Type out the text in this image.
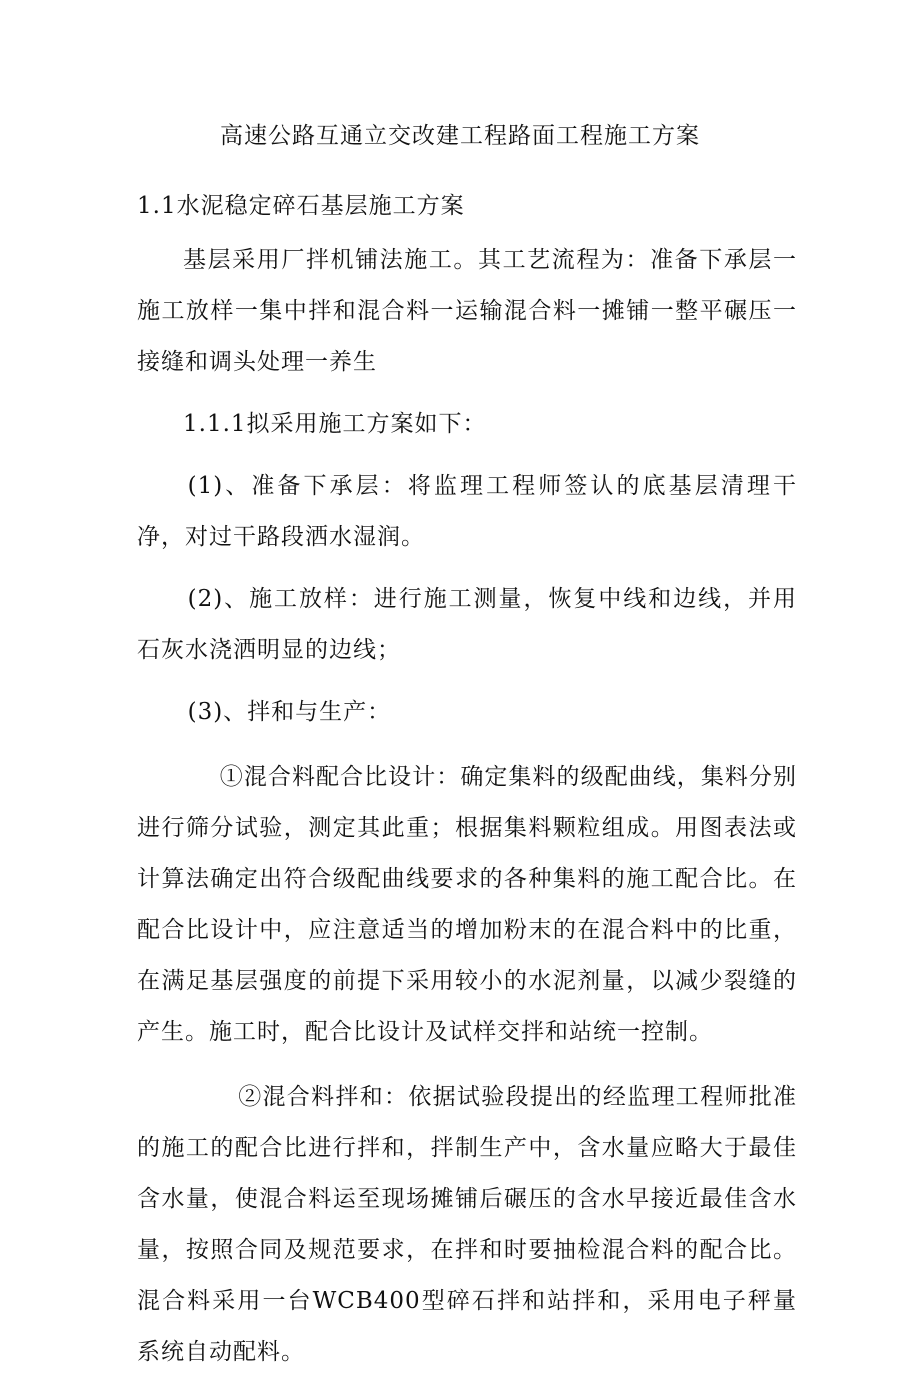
高速公路互通立交改建工程路面工程施工方案
1.1水泥稳定碎石基层施工方案

基层采用厂拌机铺法施工。其工艺流程为：准备下承层一施工放样一集中拌和混合料一运输混合料一摊铺一整平碾压一接缝和调头处理一养生

1.1.1拟采用施工方案如下：

(1)、准备下承层：将监理工程师签认的底基层清理干净，对过干路段洒水湿润。

(2)、施工放样：进行施工测量，恢复中线和边线，并用石灰水浇洒明显的边线；

(3)、拌和与生产：

①混合料配合比设计：确定集料的级配曲线，集料分别进行筛分试验，测定其此重；根据集料颗粒组成。用图表法或计算法确定出符合级配曲线要求的各种集料的施工配合比。在配合比设计中，应注意适当的增加粉末的在混合料中的比重，在满足基层强度的前提下采用较小的水泥剂量，以减少裂缝的产生。施工时，配合比设计及试样交拌和站统一控制。

②混合料拌和：依据试验段提出的经监理工程师批准的施工的配合比进行拌和，拌制生产中，含水量应略大于最佳含水量，使混合料运至现场摊铺后碾压的含水早接近最佳含水量，按照合同及规范要求，在拌和时要抽检混合料的配合比。混合料采用一台WCB400型碎石拌和站拌和，采用电子秤量系统自动配料。
